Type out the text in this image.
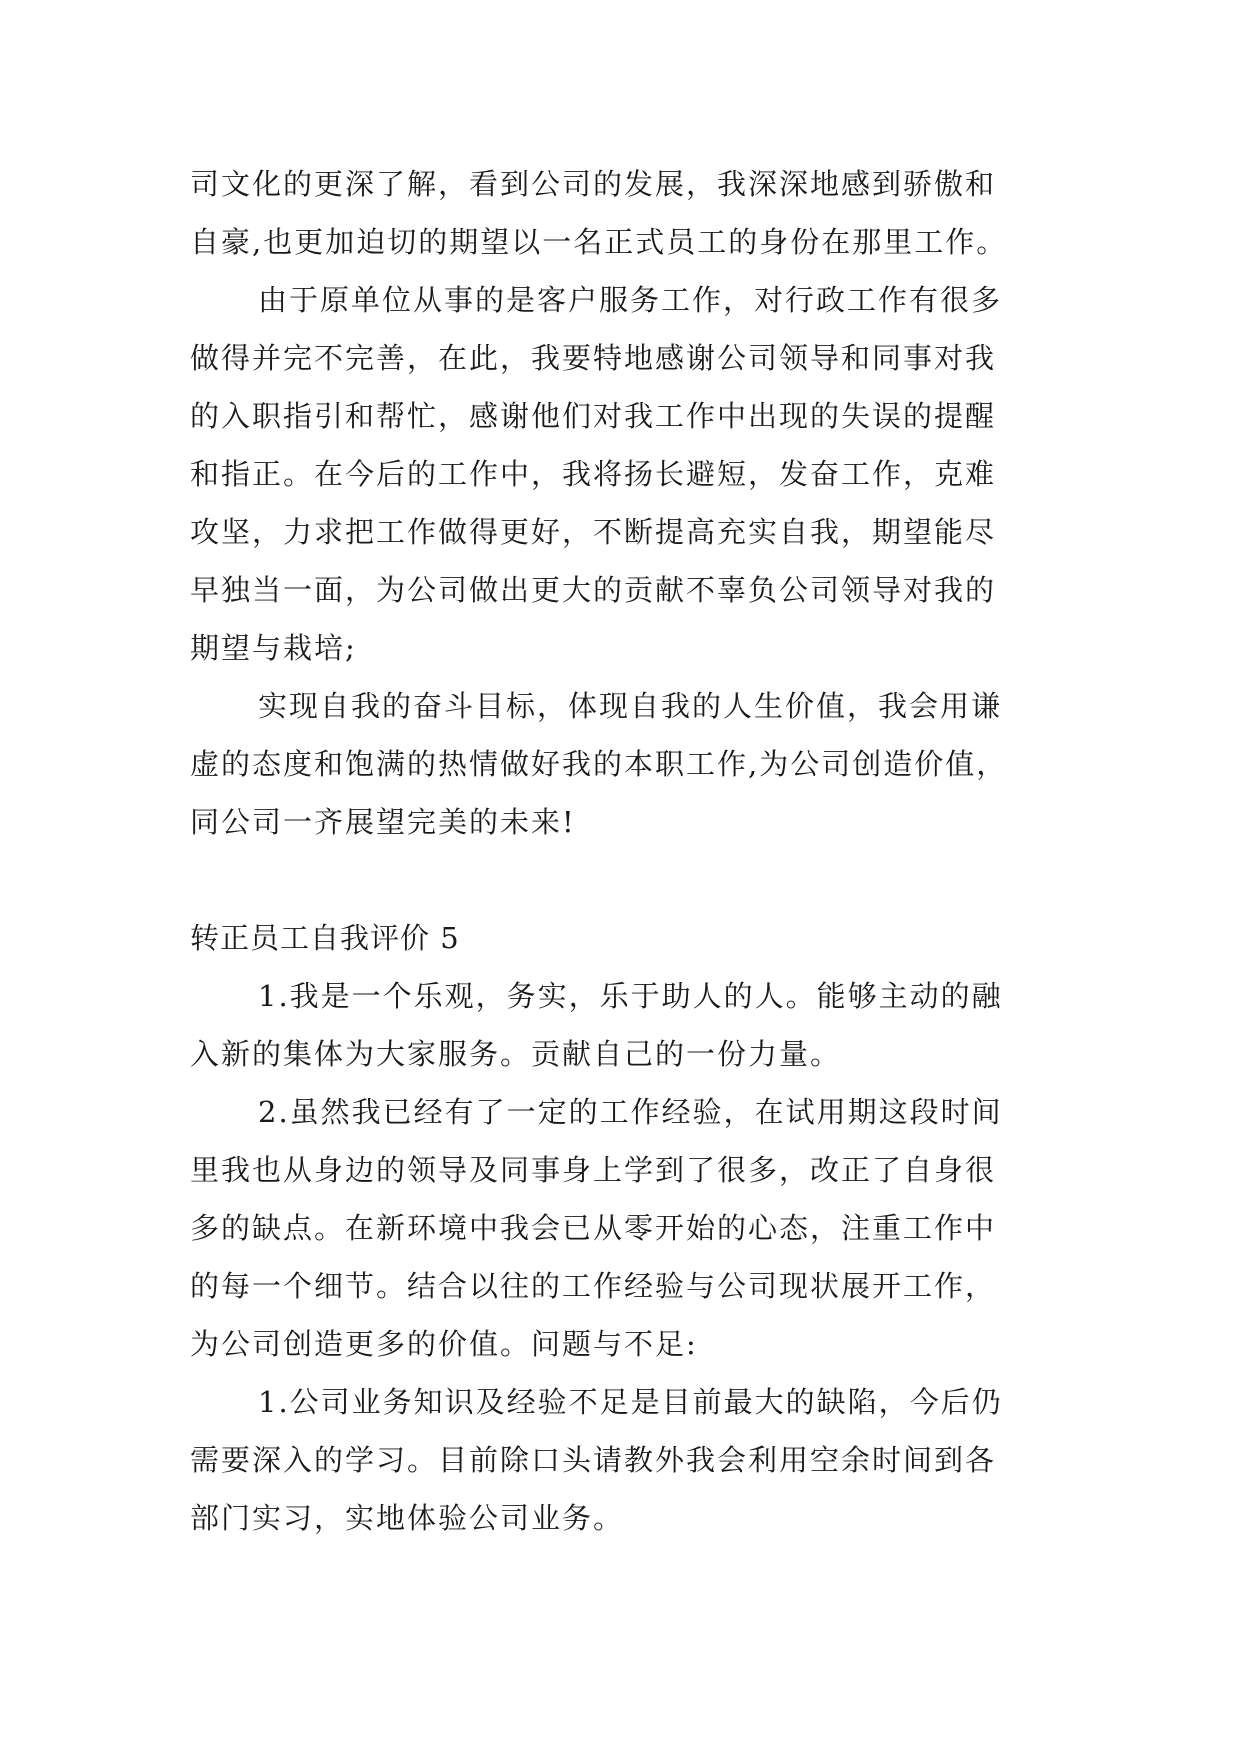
司文化的更深了解，看到公司的发展，我深深地感到骄傲和
自豪,也更加迫切的期望以一名正式员工的身份在那里工作。
由于原单位从事的是客户服务工作，对行政工作有很多
做得并完不完善，在此，我要特地感谢公司领导和同事对我
的入职指引和帮忙，感谢他们对我工作中出现的失误的提醒
和指正。在今后的工作中，我将扬长避短，发奋工作，克难
攻坚，力求把工作做得更好，不断提高充实自我，期望能尽
早独当一面，为公司做出更大的贡献不辜负公司领导对我的
期望与栽培;
实现自我的奋斗目标，体现自我的人生价值，我会用谦
虚的态度和饱满的热情做好我的本职工作,为公司创造价值，
同公司一齐展望完美的未来!
转正员工自我评价 5
1.我是一个乐观，务实，乐于助人的人。能够主动的融
入新的集体为大家服务。贡献自己的一份力量。
2.虽然我已经有了一定的工作经验，在试用期这段时间
里我也从身边的领导及同事身上学到了很多，改正了自身很
多的缺点。在新环境中我会已从零开始的心态，注重工作中
的每一个细节。结合以往的工作经验与公司现状展开工作，
为公司创造更多的价值。问题与不足:
1.公司业务知识及经验不足是目前最大的缺陷，今后仍
需要深入的学习。目前除口头请教外我会利用空余时间到各
部门实习，实地体验公司业务。
